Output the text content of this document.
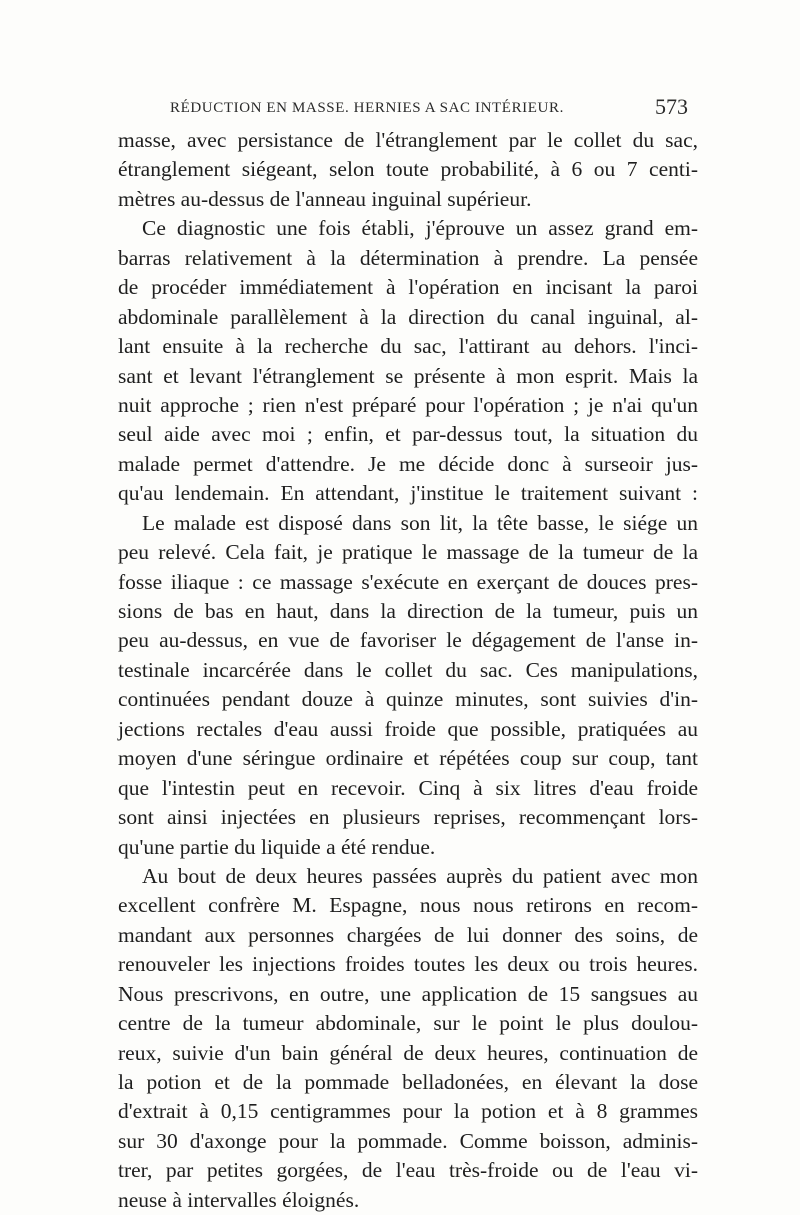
RÉDUCTION EN MASSE. HERNIES A SAC INTÉRIEUR.	573
masse, avec persistance de l'étranglement par le collet du sac,
étranglement siégeant, selon toute probabilité, à 6 ou 7 centi-
mètres au-dessus de l'anneau inguinal supérieur.
Ce diagnostic une fois établi, j'éprouve un assez grand em-
barras relativement à la détermination à prendre. La pensée
de procéder immédiatement à l'opération en incisant la paroi
abdominale parallèlement à la direction du canal inguinal, al-
lant ensuite à la recherche du sac, l'attirant au dehors. l'inci-
sant et levant l'étranglement se présente à mon esprit. Mais la
nuit approche ; rien n'est préparé pour l'opération ; je n'ai qu'un
seul aide avec moi ; enfin, et par-dessus tout, la situation du
malade permet d'attendre. Je me décide donc à surseoir jus-
qu'au lendemain. En attendant, j'institue le traitement suivant :
Le malade est disposé dans son lit, la tête basse, le siége un
peu relevé. Cela fait, je pratique le massage de la tumeur de la
fosse iliaque : ce massage s'exécute en exerçant de douces pres-
sions de bas en haut, dans la direction de la tumeur, puis un
peu au-dessus, en vue de favoriser le dégagement de l'anse in-
testinale incarcérée dans le collet du sac. Ces manipulations,
continuées pendant douze à quinze minutes, sont suivies d'in-
jections rectales d'eau aussi froide que possible, pratiquées au
moyen d'une séringue ordinaire et répétées coup sur coup, tant
que l'intestin peut en recevoir. Cinq à six litres d'eau froide
sont ainsi injectées en plusieurs reprises, recommençant lors-
qu'une partie du liquide a été rendue.
Au bout de deux heures passées auprès du patient avec mon
excellent confrère M. Espagne, nous nous retirons en recom-
mandant aux personnes chargées de lui donner des soins, de
renouveler les injections froides toutes les deux ou trois heures.
Nous prescrivons, en outre, une application de 15 sangsues au
centre de la tumeur abdominale, sur le point le plus doulou-
reux, suivie d'un bain général de deux heures, continuation de
la potion et de la pommade belladonées, en élevant la dose
d'extrait à 0,15 centigrammes pour la potion et à 8 grammes
sur 30 d'axonge pour la pommade. Comme boisson, adminis-
trer, par petites gorgées, de l'eau très-froide ou de l'eau vi-
neuse à intervalles éloignés.
